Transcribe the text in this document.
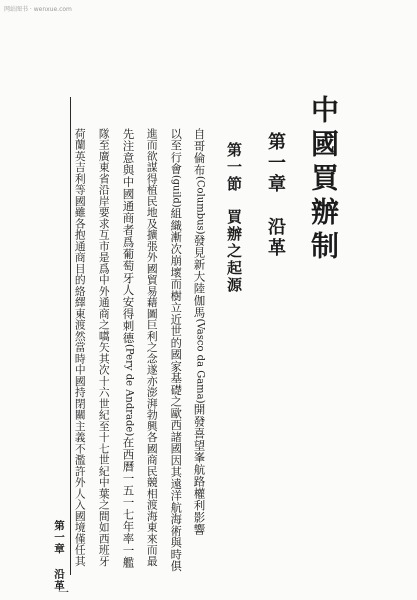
网站图书 · wenxue.com
中國買辦制
第一章沿革
第一節買辦之起源
自哥倫布(Columbus)發見新大陸伽馬(Vasco da Gama)開發喜望峯航路權利影響
以至行會(guild)組織漸次崩壞而樹立近世的國家基礎之歐西諸國因其遠洋航海術與時俱
進而欲謀得植民地及擴張外國貿易藉圖巨利之念遂亦澎湃勃興各國商民競相渡海東來而最
先注意與中國通商者爲葡萄牙人安得刺德(Pery de Andrade)在西曆一五一七年率一艦
隊至廣東省沿岸要求互市是爲中外通商之嚆矢其次十六世紀至十七世紀中葉之間如西班牙
荷蘭英吉利等國雖各抱通商目的絡繹東渡然當時中國持閉關主義不濫許外人入國境僅任其
第一章沿革
一
